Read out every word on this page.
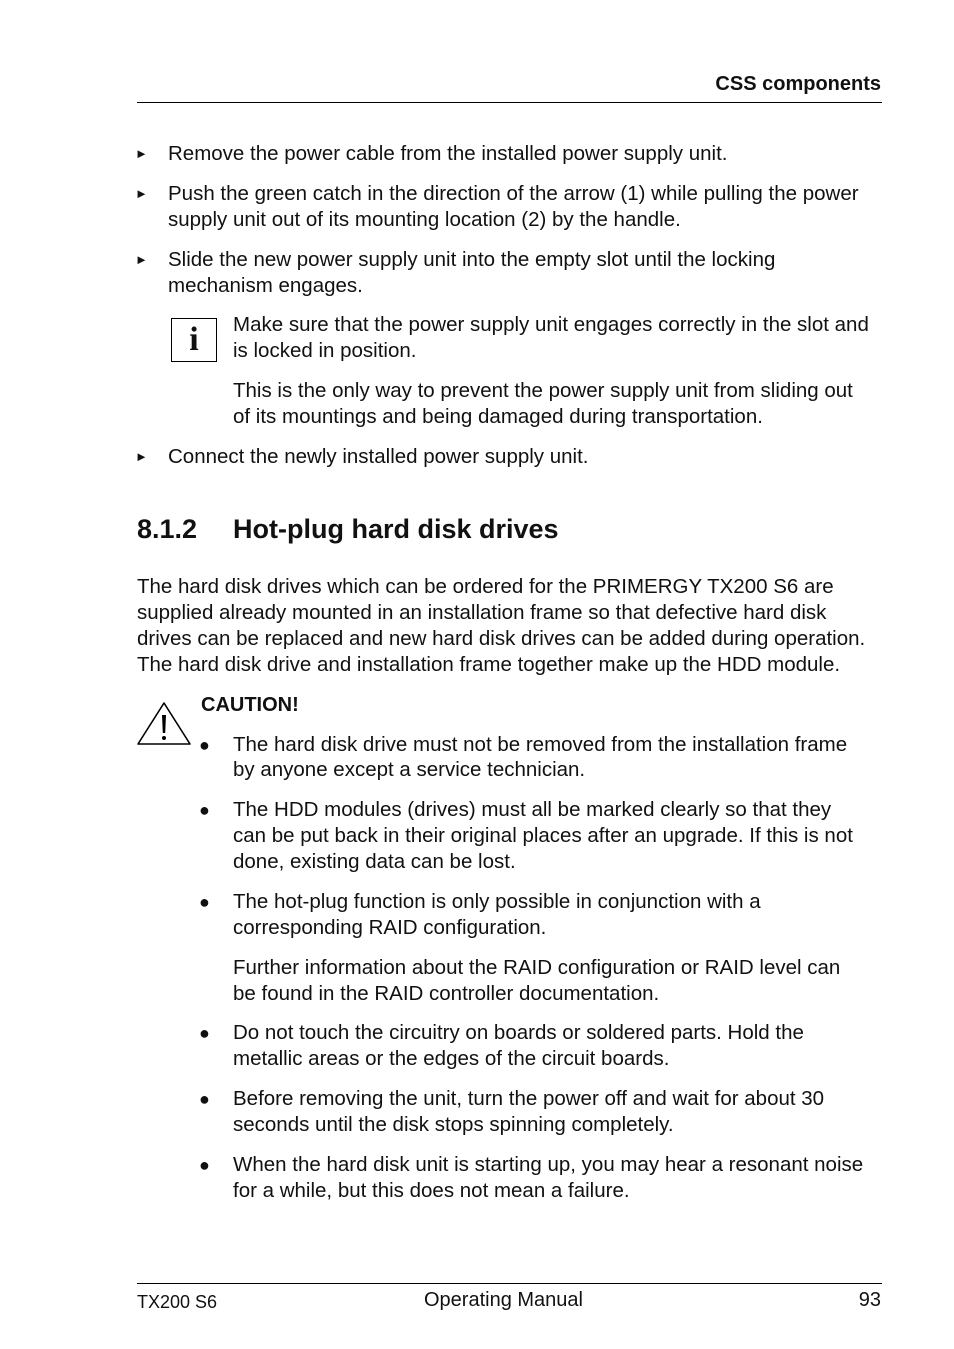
CSS components
► Remove the power cable from the installed power supply unit.
► Push the green catch in the direction of the arrow (1) while pulling the power
supply unit out of its mounting location (2) by the handle.
► Slide the new power supply unit into the empty slot until the locking
mechanism engages.
i	Make sure that the power supply unit engages correctly in the slot and
is locked in position.
This is the only way to prevent the power supply unit from sliding out
of its mountings and being damaged during transportation.
► Connect the newly installed power supply unit.
8.1.2 Hot-plug hard disk drives
The hard disk drives which can be ordered for the PRIMERGY TX200 S6 are
supplied already mounted in an installation frame so that defective hard disk
drives can be replaced and new hard disk drives can be added during operation.
The hard disk drive and installation frame together make up the HDD module.
CAUTION!
● The hard disk drive must not be removed from the installation frame
by anyone except a service technician.
● The HDD modules (drives) must all be marked clearly so that they
can be put back in their original places after an upgrade. If this is not
done, existing data can be lost.
● The hot-plug function is only possible in conjunction with a
corresponding RAID configuration.
Further information about the RAID configuration or RAID level can
be found in the RAID controller documentation.
● Do not touch the circuitry on boards or soldered parts. Hold the
metallic areas or the edges of the circuit boards.
● Before removing the unit, turn the power off and wait for about 30
seconds until the disk stops spinning completely.
● When the hard disk unit is starting up, you may hear a resonant noise
for a while, but this does not mean a failure.
TX200 S6	Operating Manual	93
